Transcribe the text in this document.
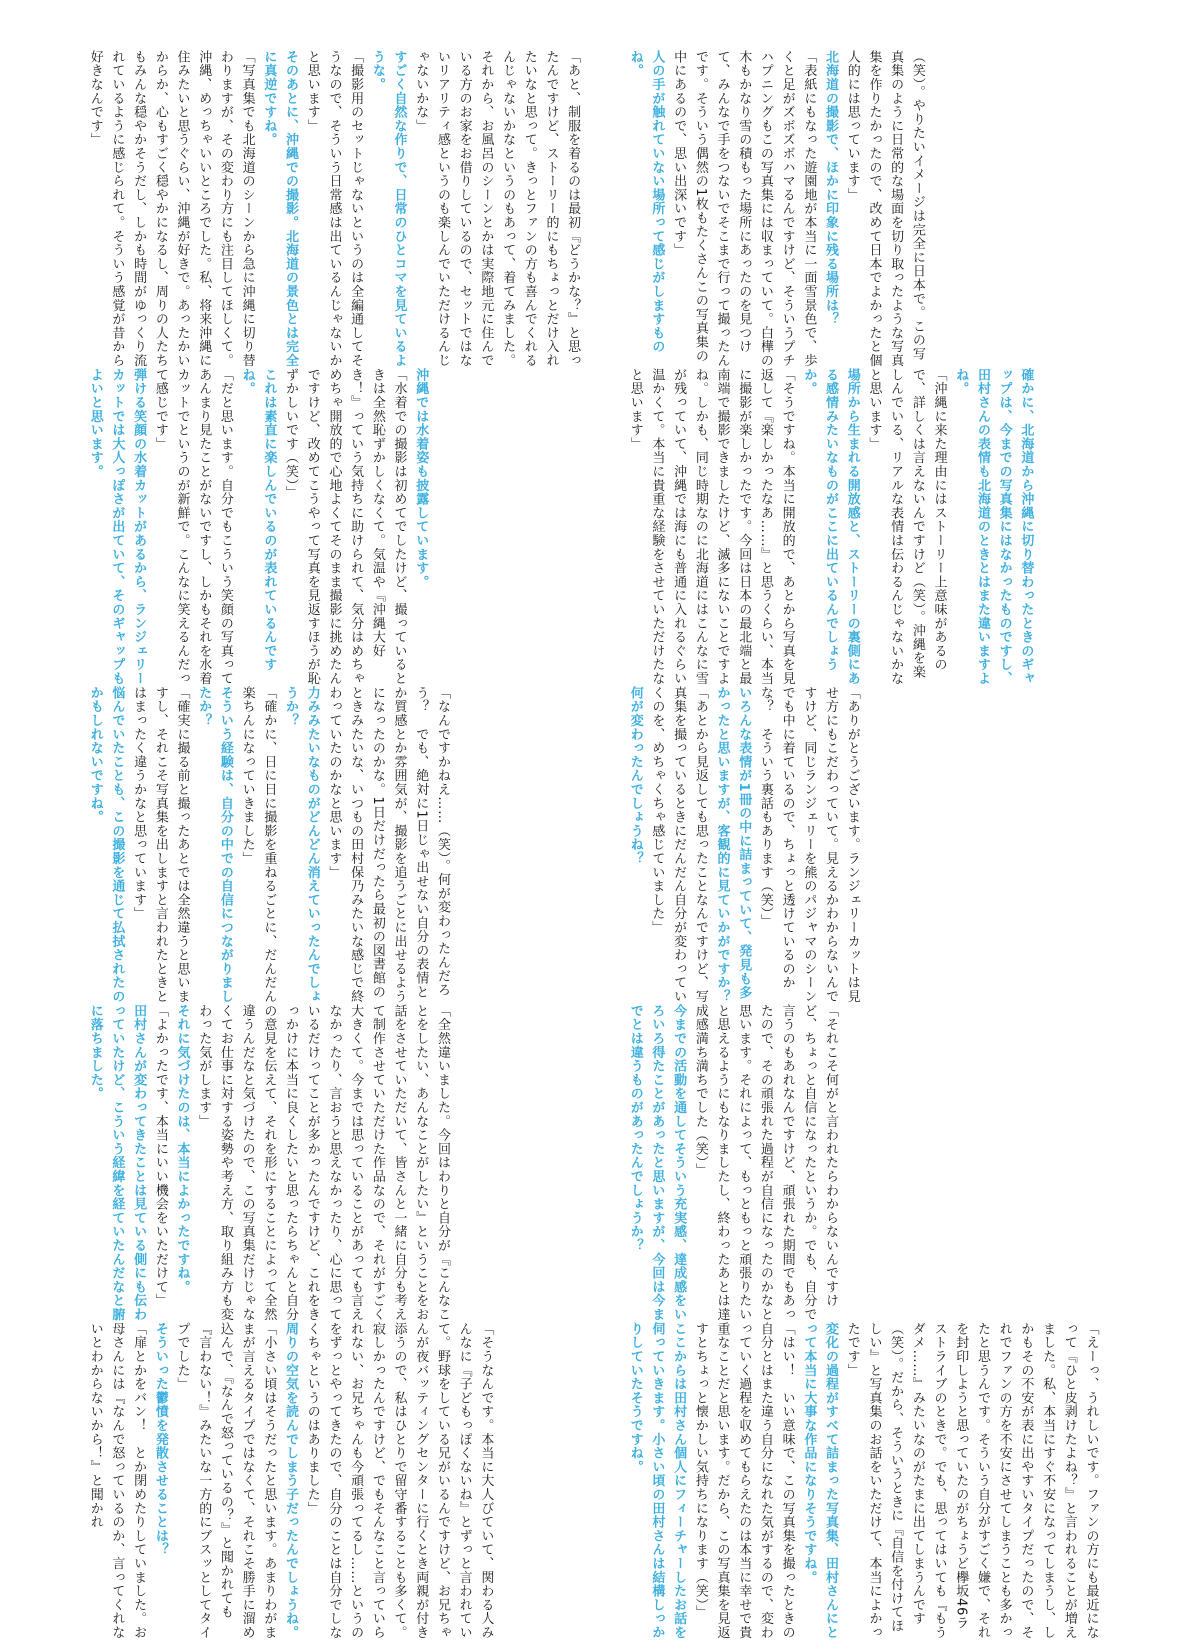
（笑）。やりたいイメージは完全に日本で。この写真集のように日常的な場面を切り取ったような写真集を作りたかったので、改めて日本でよかったと個人的には思っています」
北海道の撮影で、ほかに印象に残る場所は？
「表紙にもなった遊園地が本当に一面雪景色で、歩くと足がズボズボハマるんですけど、そういうプチハプニングもこの写真集には収まっていて。白樺の木もかなり雪の積もった場所にあったのを見つけて、みんなで手をつないでそこまで行って撮ったんです。そういう偶然の1枚もたくさんこの写真集の中にあるので、思い出深いです」
人の手が触れていない場所って感じがしますものね。
「あと、制服を着るのは最初『どうかな？』と思ったんですけど、ストーリー的にもちょっとだけ入れたいなと思って。きっとファンの方も喜んでくれるんじゃないかなというのもあって、着てみました。それから、お風呂のシーンとかは実際地元に住んでいる方のお家をお借りしているので、セットではないリアリティ感というのも楽しんでいただけるんじゃないかな」
すごく自然な作りで、日常のひとコマを見ているような。
「撮影用のセットじゃないというのは全編通してそうなので、そういう日常感は出ているんじゃないかと思います」
そのあとに、沖縄での撮影。北海道の景色とは完全に真逆ですね。
「写真集でも北海道のシーンから急に沖縄に切り替わりますが、その変わり方にも注目してほしくて。沖縄、めっちゃいいところでした。私、将来沖縄に住みたいと思うぐらい、沖縄が好きで。あったかいからか、心もすごく穏やかになるし、周りの人たちもみんな穏やかそうだし、しかも時間がゆっくり流れているように感じられて。そういう感覚が昔から好きなんです」
確かに、北海道から沖縄に切り替わったときのギャップは、今までの写真集にはなかったものですし、田村さんの表情も北海道のときとはまた違いますよね。
「沖縄に来た理由にはストーリー上意味があるので、詳しくは言えないんですけど（笑）。沖縄を楽しんでいる、リアルな表情は伝わるんじゃないかなと思います」
場所から生まれる開放感と、ストーリーの裏側にある感情みたいなものがここに出ているんでしょうか。
「そうですね。本当に開放的で、あとから写真を見返して『楽しかったなあ……』と思うくらい、本当に撮影が楽しかったです。今回は日本の最北端と最南端で撮影できましたけど、滅多にないことですよね。しかも、同じ時期なのに北海道にはこんなに雪が残っていて、沖縄では海にも普通に入れるぐらい温かくて。本当に貴重な経験をさせていただけたなと思います」
沖縄では水着姿も披露しています。
「水着での撮影は初めてでしたけど、撮っているときは全然恥ずかしくなくて。気温や『沖縄大好き！』っていう気持ちに助けられて、気分はめちゃめちゃ開放的で心地よくてそのまま撮影に挑めたんですけど、改めてこうやって写真を見返すほうが恥ずかしいです（笑）」
これは素直に楽しんでいるのが表れているんですね。
「だと思います。自分でもこういう笑顔の写真ってあんまり見たことがないですし、しかもそれを水着カットでというのが新鮮で。こんなに笑えるんだって感じです」
弾ける笑顔の水着カットがあるから、ランジェリーカットでは大人っぽさが出ていて、そのギャップもよいと思います。
「ありがとうございます。ランジェリーカットは見せ方にもこだわっていて。見えるかわからないんですけど、同じランジェリーを熊のパジャマのシーンでも中に着ているので、ちょっと透けているのかな？　そういう裏話もあります（笑）」
いろんな表情が1冊の中に詰まっていて、発見も多かったと思いますが、客観的に見ていかがですか？
「あとから見返しても思ったことなんですけど、写真集を撮っているときにだんだん自分が変わっていくのを、めちゃくちゃ感じていました」
何が変わったんでしょうね？
「なんですかねえ……（笑）。何が変わったんだろう？　でも、絶対に1日じゃ出せない自分の表情とか質感とか雰囲気が、撮影を追うごとに出せるようになったのかな。1日だけだったら最初の図書館のときみたいな、いつもの田村保乃みたいな感じで終わっていたのかなと思います」
力みみたいなものがどんどん消えていったんでしょうか？
「確かに、日に日に撮影を重ねるごとに、だんだん楽ちんになっていきました」
そういう経験は、自分の中での自信につながりましたか？
「確実に撮る前と撮ったあとでは全然違うと思いますし、それこそ写真集を出しますと言われたときとはまったく違うかなと思っています」
悩んでいたことも、この撮影を通じて払拭されたのかもしれないですね。
「それこそ何がと言われたらわからないんですけど、ちょっと自信になったというか。でも、自分で言うのもあれなんですけど、頑張れた期間でもあったので、その頑張れた過程が自信になったのかなと思います。それによって、もっともっと頑張りたいと思えるようにもなりましたし、終わったあとは達成感満ち満ちでした（笑）」
今までの活動を通してそういう充実感、達成感をいろいろ得たことがあったと思いますが、今回は今までとは違うものがあったんでしょうか？
「全然違いました。今回はわりと自分が『こんなことをしたい、あんなことがしたい』ということをお話をさせていただいて、皆さんと一緒に自分も考えて制作させていただけた作品なので、それがすごく大きくて。今までは思っていることがあっても言えなかったり、言おうと思えなかったり、心に思っているだけってことが多かったんですけど、これをきっかけに本当に良くしたいと思ったらちゃんと自分の意見を伝えて、それを形にすることによって全然違うんだなと気づけたので、この写真集だけじゃなくてお仕事に対する姿勢や考え方、取り組み方も変わった気がします」
それに気づけたのは、本当によかったですね。
「よかったです、本当にいい機会をいただけて」
田村さんが変わってきたことは見ている側にも伝わっていたけど、こういう経緯を経ていたんだなと腑に落ちました。
「えーっ、うれしいです。ファンの方にも最近になって『ひと皮剥けたよね？』と言われることが増えました。私、本当にすぐ不安になってしまうし、しかもその不安が表に出やすいタイプだったので、それでファンの方を不安にさせてしまうことも多かったと思うんです。そういう自分がすごく嫌で、それを封印しようと思っていたのがちょうど欅坂46ラストライブのときで。でも、思ってはいても『もうダメ……』みたいなのがたまに出てしまうんです（笑）。だから、そういうときに『自信を付けてほしい』と写真集のお話をいただけて、本当によかったです」
変化の過程がすべて詰まった写真集、田村さんにとって本当に大事な作品になりそうですね。
「はい！　いい意味で、この写真集を撮ったときの自分とはまた違う自分になれた気がするので、変わっていく過程を収めてもらえたのは本当に幸せで貴重なことだと思います。だから、この写真集を見返すとちょっと懐かしい気持ちになります（笑）」
ここからは田村さん個人にフィーチャーしたお話を伺っていきます。小さい頃の田村さんは結構しっかりしていたそうですね。
「そうなんです。本当に大人びていて、関わる人みんなに『子どもっぽくないね』とずっと言われていて。野球をしている兄がいるんですけど、お兄ちゃんが夜バッティングセンターに行くとき両親が付き添うので、私はひとりで留守番することも多くて。寂しかったんですけど、でもそんなこと言っていられない、お兄ちゃんも今頑張ってるし……というのをずっとやってきたので、自分のことは自分でしなくちゃというのはありました」
周りの空気を読んでしまう子だったんでしょうね。
「小さい頃はそうだったと思います。あまりわがままが言えるタイプではなくて、それこそ勝手に溜め込んで、『なんで怒っているの？』と聞かれても『言わない！』みたいな一方的にブスッとしてタイプでした」
そういった鬱憤を発散させることは？
「扉とかをバン！　とか閉めたりしていました。お母さんには『なんで怒っているのか、言ってくれないとわからないから！』と聞かれ
